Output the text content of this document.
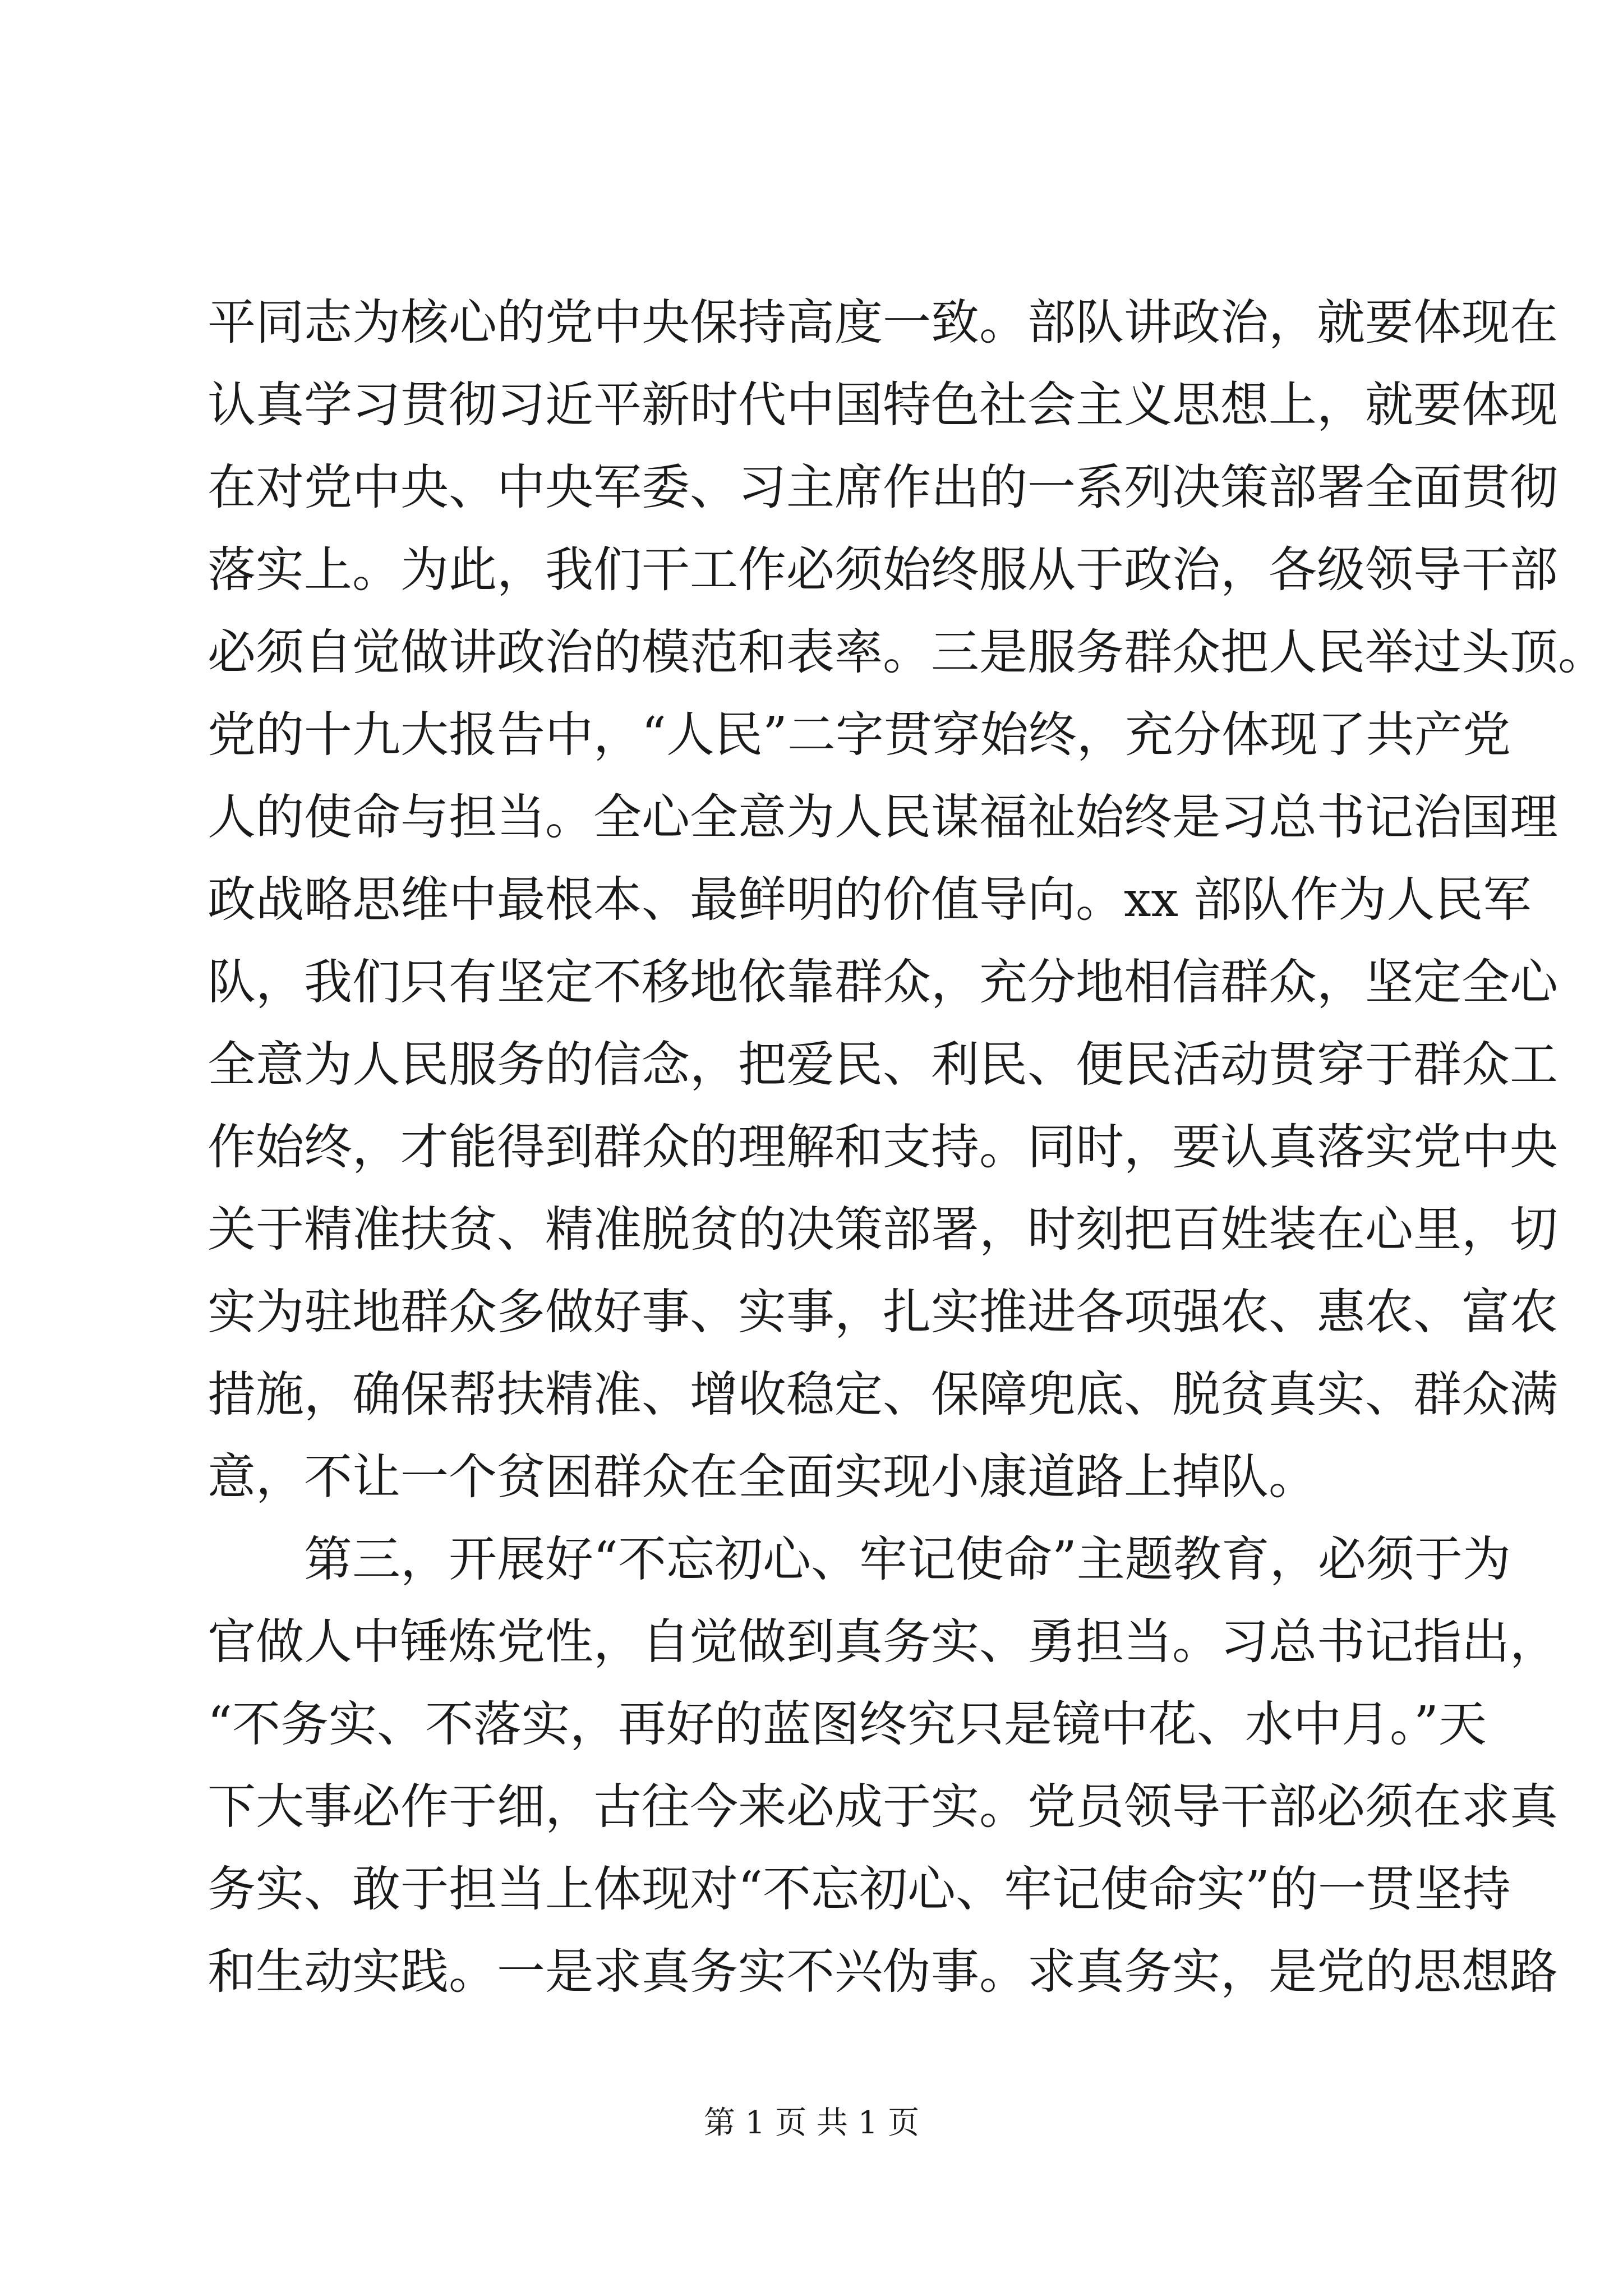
平同志为核心的党中央保持高度一致。部队讲政治，就要体现在
认真学习贯彻习近平新时代中国特色社会主义思想上，就要体现
在对党中央、中央军委、习主席作出的一系列决策部署全面贯彻
落实上。为此，我们干工作必须始终服从于政治，各级领导干部
必须自觉做讲政治的模范和表率。三是服务群众把人民举过头顶。
党的十九大报告中，“人民”二字贯穿始终，充分体现了共产党
人的使命与担当。全心全意为人民谋福祉始终是习总书记治国理
政战略思维中最根本、最鲜明的价值导向。xx 部队作为人民军
队，我们只有坚定不移地依靠群众，充分地相信群众，坚定全心
全意为人民服务的信念，把爱民、利民、便民活动贯穿于群众工
作始终，才能得到群众的理解和支持。同时，要认真落实党中央
关于精准扶贫、精准脱贫的决策部署，时刻把百姓装在心里，切
实为驻地群众多做好事、实事，扎实推进各项强农、惠农、富农
措施，确保帮扶精准、增收稳定、保障兜底、脱贫真实、群众满
意，不让一个贫困群众在全面实现小康道路上掉队。
第三，开展好“不忘初心、牢记使命”主题教育，必须于为
官做人中锤炼党性，自觉做到真务实、勇担当。习总书记指出，
“不务实、不落实，再好的蓝图终究只是镜中花、水中月。”天
下大事必作于细，古往今来必成于实。党员领导干部必须在求真
务实、敢于担当上体现对“不忘初心、牢记使命实”的一贯坚持
和生动实践。一是求真务实不兴伪事。求真务实，是党的思想路
第 1 页 共 1 页
